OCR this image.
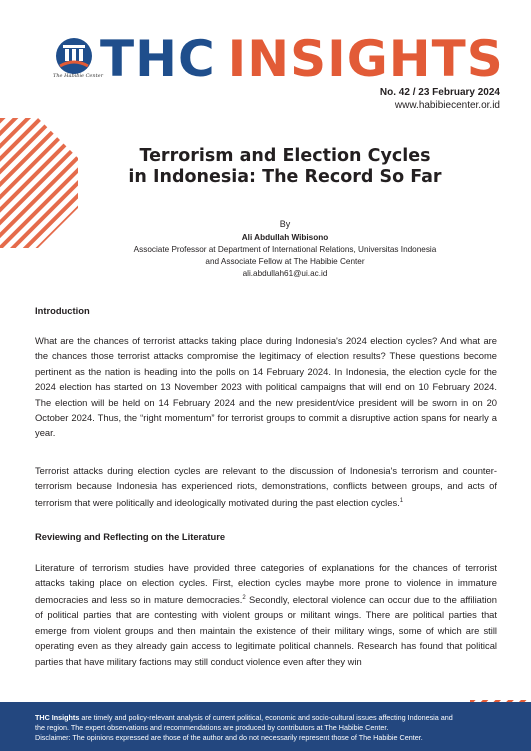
THC INSIGHTS
The Habibie Center
No. 42 / 23 February 2024
www.habibiecenter.or.id
Terrorism and Election Cycles
in Indonesia: The Record So Far
By
Ali Abdullah Wibisono
Associate Professor at Department of International Relations, Universitas Indonesia
and Associate Fellow at The Habibie Center
ali.abdullah61@ui.ac.id
Introduction
What are the chances of terrorist attacks taking place during Indonesia's 2024 election cycles? And what are the chances those terrorist attacks compromise the legitimacy of election results? These questions become pertinent as the nation is heading into the polls on 14 February 2024. In Indonesia, the election cycle for the 2024 election has started on 13 November 2023 with political campaigns that will end on 10 February 2024. The election will be held on 14 February 2024 and the new president/vice president will be sworn in on 20 October 2024. Thus, the “right momentum” for terrorist groups to commit a disruptive action spans for nearly a year.
Terrorist attacks during election cycles are relevant to the discussion of Indonesia's terrorism and counter-terrorism because Indonesia has experienced riots, demonstrations, conflicts between groups, and acts of terrorism that were politically and ideologically motivated during the past election cycles.$^1$
Reviewing and Reflecting on the Literature
Literature of terrorism studies have provided three categories of explanations for the chances of terrorist attacks taking place on election cycles. First, election cycles maybe more prone to violence in immature democracies and less so in mature democracies.$^2$ Secondly, electoral violence can occur due to the affiliation of political parties that are contesting with violent groups or militant wings. There are political parties that emerge from violent groups and then maintain the existence of their military wings, some of which are still operating even as they already gain access to legitimate political channels. Research has found that political parties that have military factions may still conduct violence even after they win
THC Insights are timely and policy-relevant analysis of current political, economic and socio-cultural issues affecting Indonesia and the region. The expert observations and recommendations are produced by contributors at The Habibie Center.
Disclaimer: The opinions expressed are those of the author and do not necessarily represent those of The Habibie Center.
